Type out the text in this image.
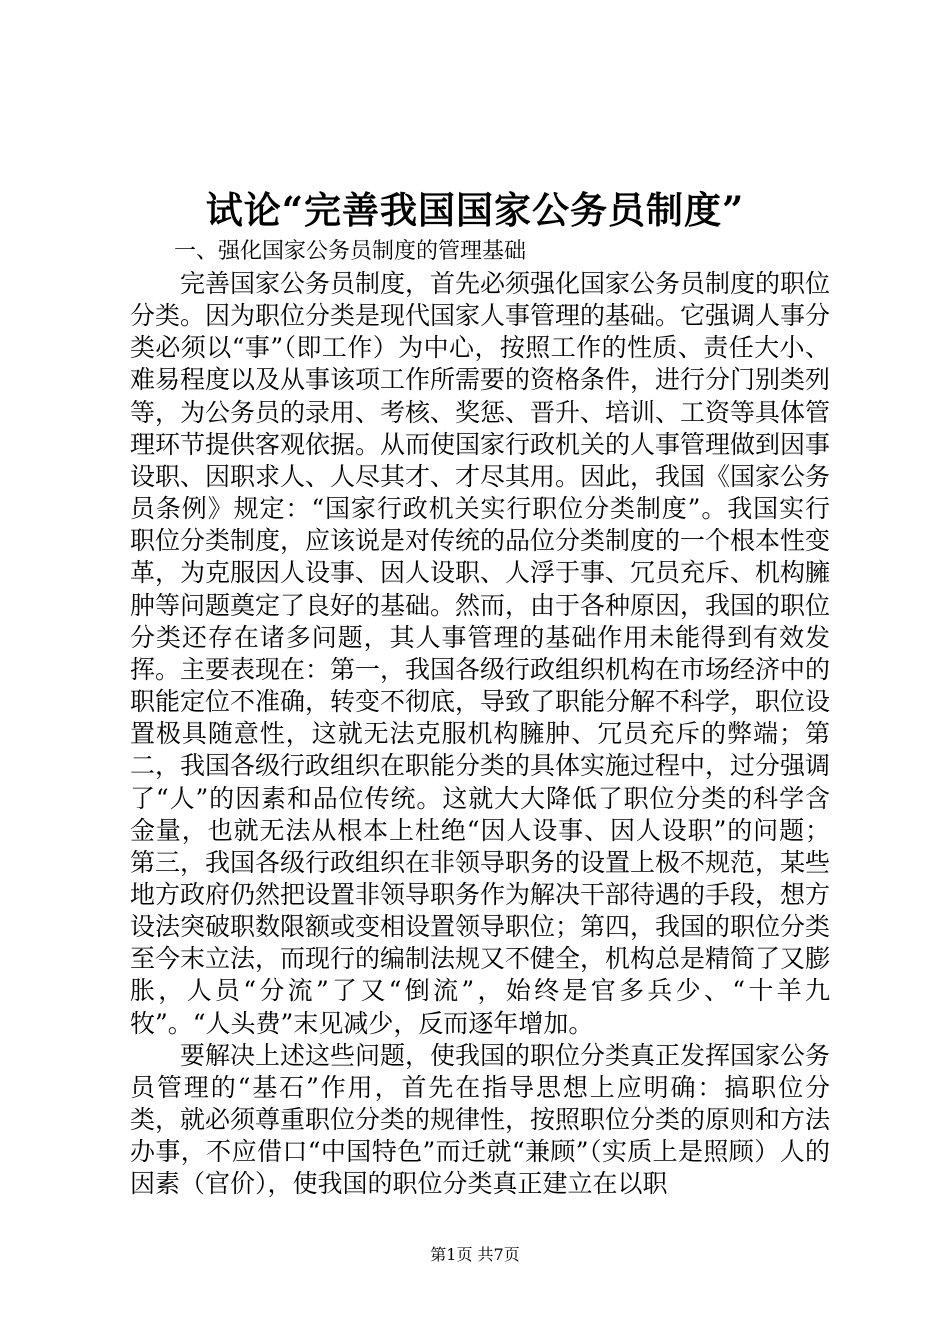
试论“完善我国国家公务员制度”

一、强化国家公务员制度的管理基础

完善国家公务员制度，首先必须强化国家公务员制度的职位分类。因为职位分类是现代国家人事管理的基础。它强调人事分类必须以“事”（即工作）为中心，按照工作的性质、责任大小、难易程度以及从事该项工作所需要的资格条件，进行分门别类列等，为公务员的录用、考核、奖惩、晋升、培训、工资等具体管理环节提供客观依据。从而使国家行政机关的人事管理做到因事设职、因职求人、人尽其才、才尽其用。因此，我国《国家公务员条例》规定：“国家行政机关实行职位分类制度”。我国实行职位分类制度，应该说是对传统的品位分类制度的一个根本性变革，为克服因人设事、因人设职、人浮于事、冗员充斥、机构臃肿等问题奠定了良好的基础。然而，由于各种原因，我国的职位分类还存在诸多问题，其人事管理的基础作用未能得到有效发挥。主要表现在：第一，我国各级行政组织机构在市场经济中的职能定位不准确，转变不彻底，导致了职能分解不科学，职位设置极具随意性，这就无法克服机构臃肿、冗员充斥的弊端；第二，我国各级行政组织在职能分类的具体实施过程中，过分强调了“人”的因素和品位传统。这就大大降低了职位分类的科学含金量，也就无法从根本上杜绝“因人设事、因人设职”的问题；第三，我国各级行政组织在非领导职务的设置上极不规范，某些地方政府仍然把设置非领导职务作为解决干部待遇的手段，想方设法突破职数限额或变相设置领导职位；第四，我国的职位分类至今末立法，而现行的编制法规又不健全，机构总是精简了又膨胀，人员“分流”了又“倒流”，始终是官多兵少、“十羊九牧”。“人头费”末见减少，反而逐年增加。

要解决上述这些问题，使我国的职位分类真正发挥国家公务员管理的“基石”作用，首先在指导思想上应明确：搞职位分类，就必须尊重职位分类的规律性，按照职位分类的原则和方法办事，不应借口“中国特色”而迁就“兼顾”（实质上是照顾）人的因素（官价），使我国的职位分类真正建立在以职

第1页 共7页
